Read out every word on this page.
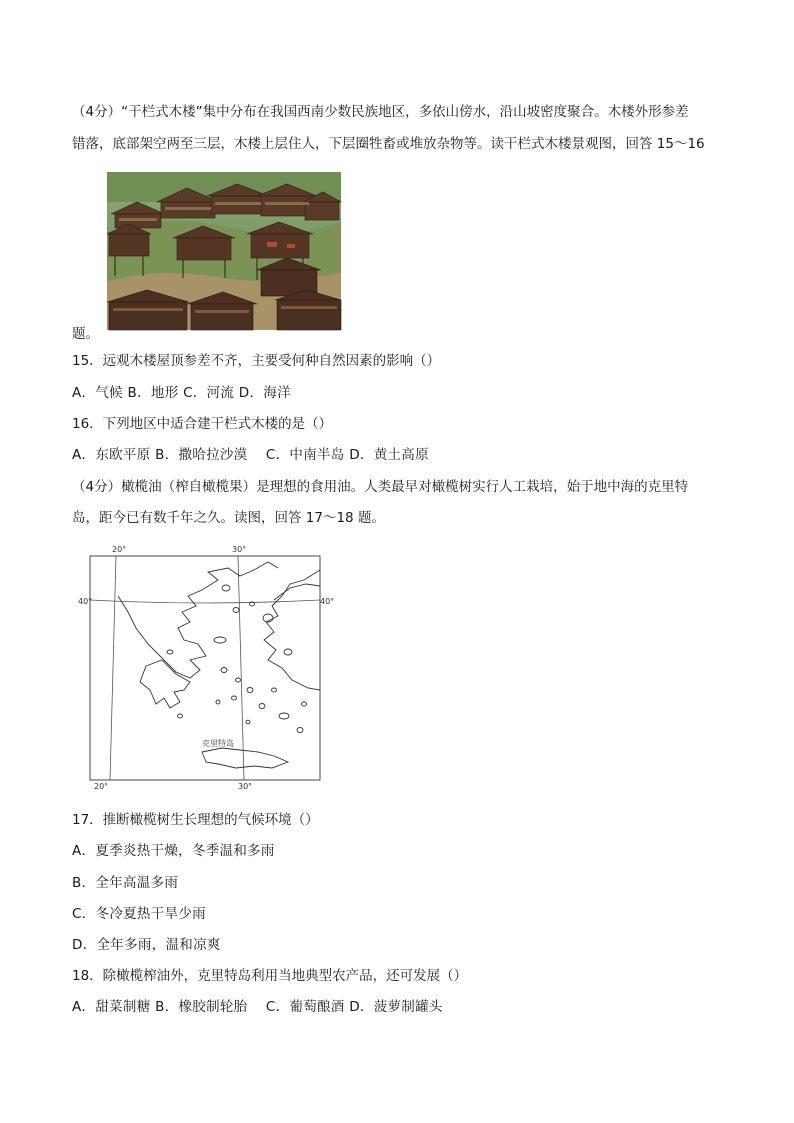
（4分）“干栏式木楼”集中分布在我国西南少数民族地区，多依山傍水，沿山坡密度聚合。木楼外形参差
错落，底部架空两至三层，木楼上层住人，下层圈牲畜或堆放杂物等。读干栏式木楼景观图，回答 15～16
题。
15．远观木楼屋顶参差不齐，主要受何种自然因素的影响（）
A．气候 B．地形 C．河流 D．海洋
16．下列地区中适合建干栏式木楼的是（）
A．东欧平原 B．撒哈拉沙漠　 C．中南半岛 D．黄土高原
（4分）橄榄油（榨自橄榄果）是理想的食用油。人类最早对橄榄树实行人工栽培，始于地中海的克里特
岛，距今已有数千年之久。读图，回答 17～18 题。
20°	30°
40°	40°
20°	30°
克里特岛
17．推断橄榄树生长理想的气候环境（）
A．夏季炎热干燥，冬季温和多雨
B．全年高温多雨
C．冬冷夏热干旱少雨
D．全年多雨，温和凉爽
18．除橄榄榨油外，克里特岛利用当地典型农产品，还可发展（）
A．甜菜制糖 B．橡胶制轮胎　 C．葡萄酿酒 D．菠萝制罐头
